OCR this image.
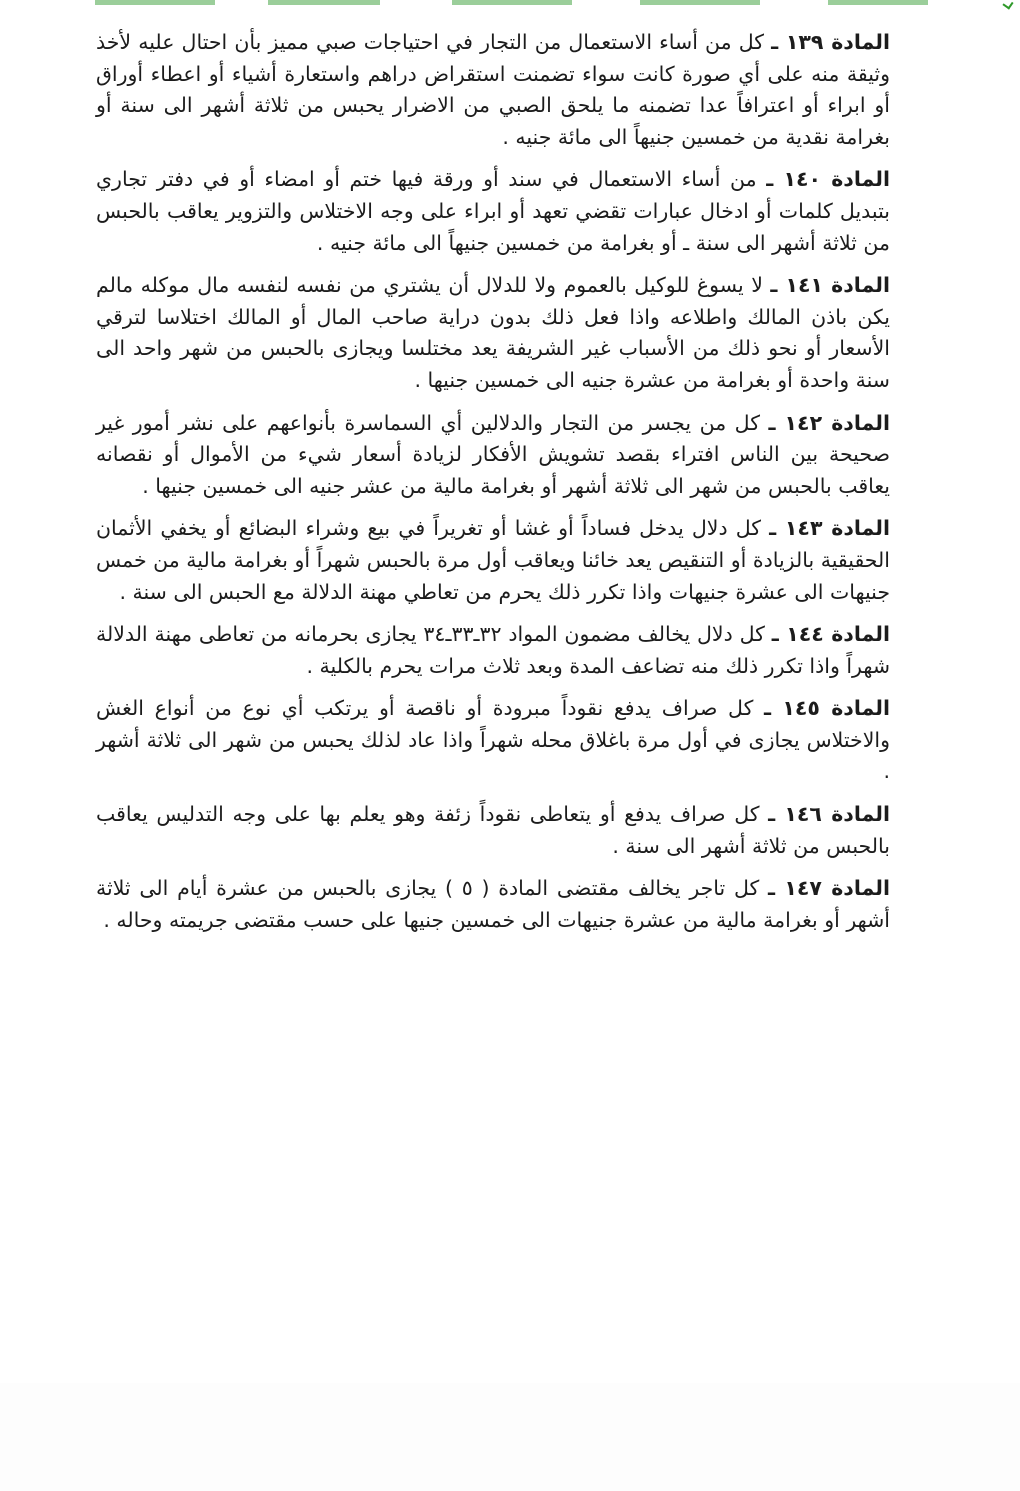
المادة ١٣٩ ـ كل من أساء الاستعمال من التجار في احتياجات صبي مميز بأن احتال عليه لأخذ وثيقة منه على أي صورة كانت سواء تضمنت استقراض دراهم واستعارة أشياء أو اعطاء أوراق أو ابراء أو اعترافاً عدا تضمنه ما يلحق الصبي من الاضرار يحبس من ثلاثة أشهر الى سنة أو بغرامة نقدية من خمسين جنيهاً الى مائة جنيه .

المادة ١٤٠ ـ من أساء الاستعمال في سند أو ورقة فيها ختم أو امضاء أو في دفتر تجاري بتبديل كلمات أو ادخال عبارات تقضي تعهد أو ابراء على وجه الاختلاس والتزوير يعاقب بالحبس من ثلاثة أشهر الى سنة ـ أو بغرامة من خمسين جنيهاً الى مائة جنيه .

المادة ١٤١ ـ لا يسوغ للوكيل بالعموم ولا للدلال أن يشتري من نفسه لنفسه مال موكله مالم يكن باذن المالك واطلاعه واذا فعل ذلك بدون دراية صاحب المال أو المالك اختلاسا لترقي الأسعار أو نحو ذلك من الأسباب غير الشريفة يعد مختلسا ويجازى بالحبس من شهر واحد الى سنة واحدة أو بغرامة من عشرة جنيه الى خمسين جنيها .

المادة ١٤٢ ـ كل من يجسر من التجار والدلالين أي السماسرة بأنواعهم على نشر أمور غير صحيحة بين الناس افتراء بقصد تشويش الأفكار لزيادة أسعار شيء من الأموال أو نقصانه يعاقب بالحبس من شهر الى ثلاثة أشهر أو بغرامة مالية من عشر جنيه الى خمسين جنيها .

المادة ١٤٣ ـ كل دلال يدخل فساداً أو غشا أو تغريراً في بيع وشراء البضائع أو يخفي الأثمان الحقيقية بالزيادة أو التنقيص يعد خائنا ويعاقب أول مرة بالحبس شهراً أو بغرامة مالية من خمس جنيهات الى عشرة جنيهات واذا تكرر ذلك يحرم من تعاطي مهنة الدلالة مع الحبس الى سنة .

المادة ١٤٤ ـ كل دلال يخالف مضمون المواد ٣٢ـ٣٣ـ٣٤ يجازى بحرمانه من تعاطى مهنة الدلالة شهراً واذا تكرر ذلك منه تضاعف المدة وبعد ثلاث مرات يحرم بالكلية .

المادة ١٤٥ ـ كل صراف يدفع نقوداً مبرودة أو ناقصة أو يرتكب أي نوع من أنواع الغش والاختلاس يجازى في أول مرة باغلاق محله شهراً واذا عاد لذلك يحبس من شهر الى ثلاثة أشهر .

المادة ١٤٦ ـ كل صراف يدفع أو يتعاطى نقوداً زئفة وهو يعلم بها على وجه التدليس يعاقب بالحبس من ثلاثة أشهر الى سنة .

المادة ١٤٧ ـ كل تاجر يخالف مقتضى المادة ( ٥ ) يجازى بالحبس من عشرة أيام الى ثلاثة أشهر أو بغرامة مالية من عشرة جنيهات الى خمسين جنيها على حسب مقتضى جريمته وحاله .
